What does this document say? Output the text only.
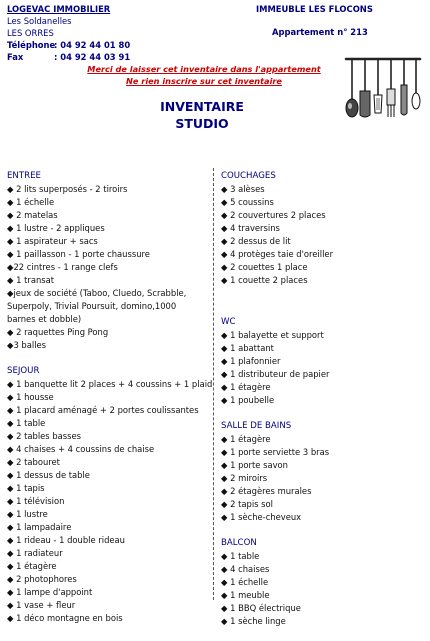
LOGEVAC IMMOBILIER
Les Soldanelles
LES ORRES
Téléphone: 04 92 44 01 80
Fax	: 04 92 44 03 91
IMMEUBLE LES FLOCONS
Appartement n° 213
Merci de laisser cet inventaire dans l'appartement
Ne rien inscrire sur cet inventaire
INVENTAIRE
STUDIO
ENTREE
◆ 2 lits superposés - 2 tiroirs
◆ 1 échelle
◆ 2 matelas
◆ 1 lustre - 2 appliques
◆ 1 aspirateur + sacs
◆ 1 paillasson - 1 porte chaussure
◆22 cintres - 1 range clefs
◆ 1 transat
◆jeux de société (Taboo, Cluedo, Scrabble, Superpoly, Trivial Poursuit, domino,1000 barnes et dobble)
◆ 2 raquettes Ping Pong
◆3 balles
SEJOUR
◆ 1 banquette lit 2 places + 4 coussins + 1 plaid
◆ 1 housse
◆ 1 placard aménagé + 2 portes coulissantes
◆ 1 table
◆ 2 tables basses
◆ 4 chaises + 4 coussins de chaise
◆ 2 tabouret
◆ 1 dessus de table
◆ 1 tapis
◆ 1 télévision
◆ 1 lustre
◆ 1 lampadaire
◆ 1 rideau - 1 double rideau
◆ 1 radiateur
◆ 1 étagère
◆ 2 photophores
◆ 1 lampe d'appoint
◆ 1 vase + fleur
◆ 1 déco montagne en bois
COUCHAGES
◆ 3 alèses
◆ 5 coussins
◆ 2 couvertures 2 places
◆ 4 traversins
◆ 2 dessus de lit
◆ 4 protèges taie d'oreiller
◆ 2 couettes 1 place
◆ 1 couette 2 places
WC
◆ 1 balayette et support
◆ 1 abattant
◆ 1 plafonnier
◆ 1 distributeur de papier
◆ 1 étagère
◆ 1 poubelle
SALLE DE BAINS
◆ 1 étagère
◆ 1 porte serviette 3 bras
◆ 1 porte savon
◆ 2 miroirs
◆ 2 étagères murales
◆ 2 tapis sol
◆ 1 sèche-cheveux
BALCON
◆ 1 table
◆ 4 chaises
◆ 1 échelle
◆ 1 meuble
◆ 1 BBQ électrique
◆ 1 sèche linge
